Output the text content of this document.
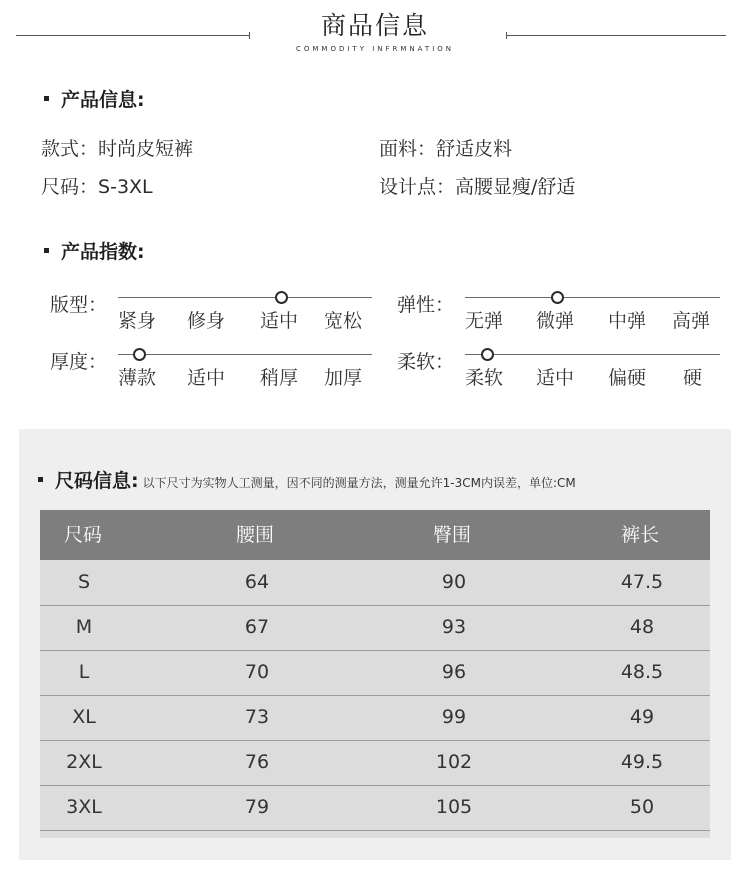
商品信息
COMMODITY INFRMNATION
产品信息:
款式：时尚皮短裤	面料：舒适皮料
尺码：S-3XL	设计点：高腰显瘦/舒适
产品指数:
版型：
紧身 修身 适中 宽松
弹性：
无弹 微弹 中弹 高弹
厚度：
薄款 适中 稍厚 加厚
柔软：
柔软 适中 偏硬 硬
尺码信息: 以下尺寸为实物人工测量，因不同的测量方法，测量允许1-3CM内误差，单位:CM
尺码	腰围	臀围	裤长
S	64	90	47.5
M	67	93	48
L	70	96	48.5
XL	73	99	49
2XL	76	102	49.5
3XL	79	105	50
